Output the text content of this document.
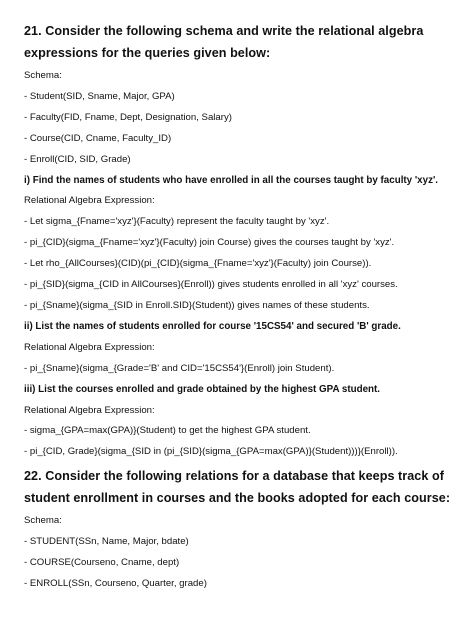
21. Consider the following schema and write the relational algebra expressions for the queries given below:
Schema:
- Student(SID, Sname, Major, GPA)
- Faculty(FID, Fname, Dept, Designation, Salary)
- Course(CID, Cname, Faculty_ID)
- Enroll(CID, SID, Grade)
i) Find the names of students who have enrolled in all the courses taught by faculty 'xyz'.
Relational Algebra Expression:
- Let sigma_{Fname='xyz'}(Faculty) represent the faculty taught by 'xyz'.
- pi_{CID}(sigma_{Fname='xyz'}(Faculty) join Course) gives the courses taught by 'xyz'.
- Let rho_{AllCourses}(CID)(pi_{CID}(sigma_{Fname='xyz'}(Faculty) join Course)).
- pi_{SID}(sigma_{CID in AllCourses}(Enroll)) gives students enrolled in all 'xyz' courses.
- pi_{Sname}(sigma_{SID in Enroll.SID}(Student)) gives names of these students.
ii) List the names of students enrolled for course '15CS54' and secured 'B' grade.
Relational Algebra Expression:
- pi_{Sname}(sigma_{Grade='B' and CID='15CS54'}(Enroll) join Student).
iii) List the courses enrolled and grade obtained by the highest GPA student.
Relational Algebra Expression:
- sigma_{GPA=max(GPA)}(Student) to get the highest GPA student.
- pi_{CID, Grade}(sigma_{SID in (pi_{SID}(sigma_{GPA=max(GPA)}(Student)))}(Enroll)).
22. Consider the following relations for a database that keeps track of student enrollment in courses and the books adopted for each course:
Schema:
- STUDENT(SSn, Name, Major, bdate)
- COURSE(Courseno, Cname, dept)
- ENROLL(SSn, Courseno, Quarter, grade)
